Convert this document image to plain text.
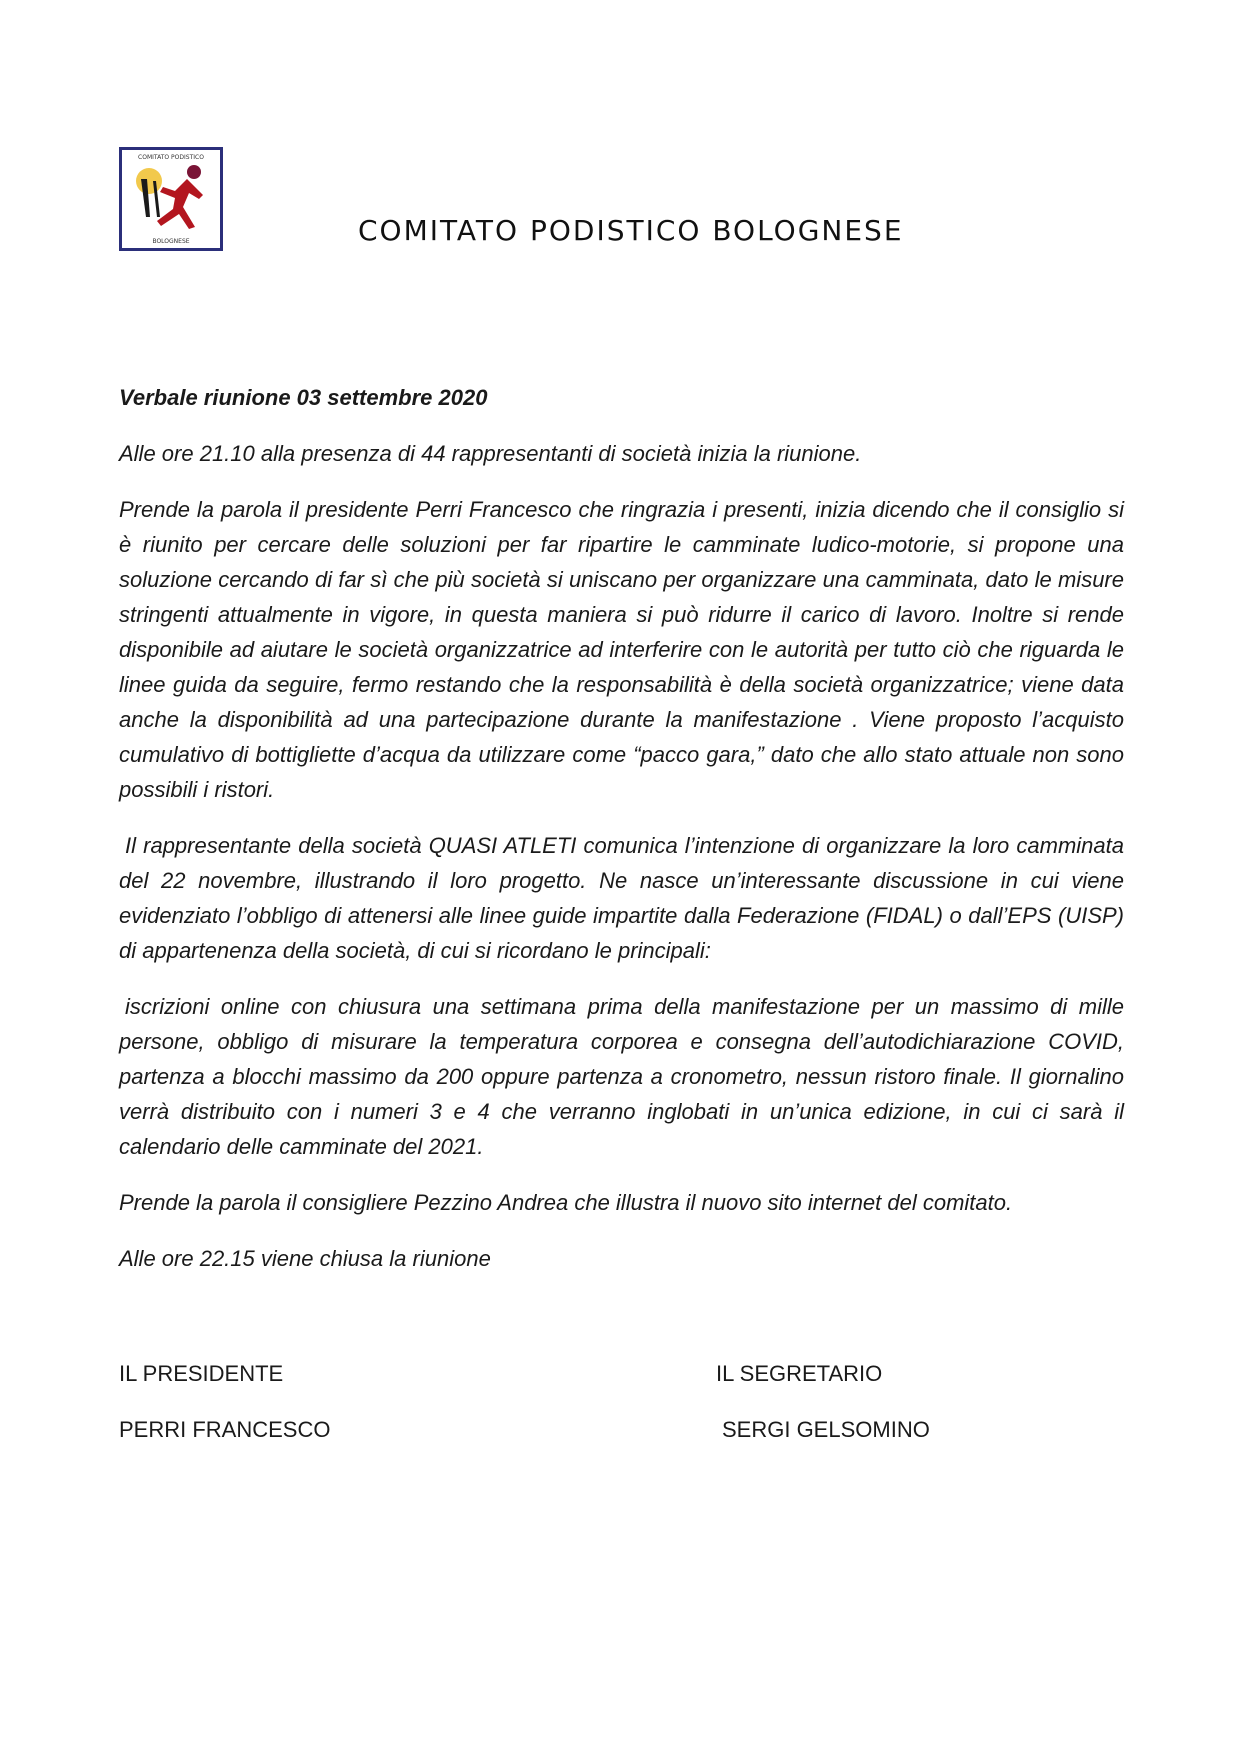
COMITATO PODISTICO
BOLOGNESE	COMITATO PODISTICO BOLOGNESE
Verbale riunione 03 settembre 2020
Alle ore 21.10 alla presenza di 44 rappresentanti di società inizia la riunione.
Prende la parola il presidente Perri Francesco che ringrazia i presenti, inizia dicendo che il consiglio si è riunito per cercare delle soluzioni per far ripartire le camminate ludico-motorie, si propone una soluzione cercando di far sì che più società si uniscano per organizzare una camminata, dato le misure stringenti attualmente in vigore, in questa maniera si può ridurre il carico di lavoro. Inoltre si rende disponibile ad aiutare le società organizzatrice ad interferire con le autorità per tutto ciò che riguarda le linee guida da seguire, fermo restando che la responsabilità è della società organizzatrice; viene data anche la disponibilità ad una partecipazione durante la manifestazione . Viene proposto l’acquisto cumulativo di bottigliette d’acqua da utilizzare come “pacco gara,” dato che allo stato attuale non sono possibili i ristori.
Il rappresentante della società QUASI ATLETI comunica l’intenzione di organizzare la loro camminata del 22 novembre, illustrando il loro progetto. Ne nasce un’interessante discussione in cui viene evidenziato l’obbligo di attenersi alle linee guide impartite dalla Federazione (FIDAL) o dall’EPS (UISP) di appartenenza della società, di cui si ricordano le principali:
iscrizioni online con chiusura una settimana prima della manifestazione per un massimo di mille persone, obbligo di misurare la temperatura corporea e consegna dell’autodichiarazione COVID, partenza a blocchi massimo da 200 oppure partenza a cronometro, nessun ristoro finale. Il giornalino verrà distribuito con i numeri 3 e 4 che verranno inglobati in un’unica edizione, in cui ci sarà il calendario delle camminate del 2021.
Prende la parola il consigliere Pezzino Andrea che illustra il nuovo sito internet del comitato.
Alle ore 22.15 viene chiusa la riunione
IL PRESIDENTE
PERRI FRANCESCO
IL SEGRETARIO
SERGI GELSOMINO
